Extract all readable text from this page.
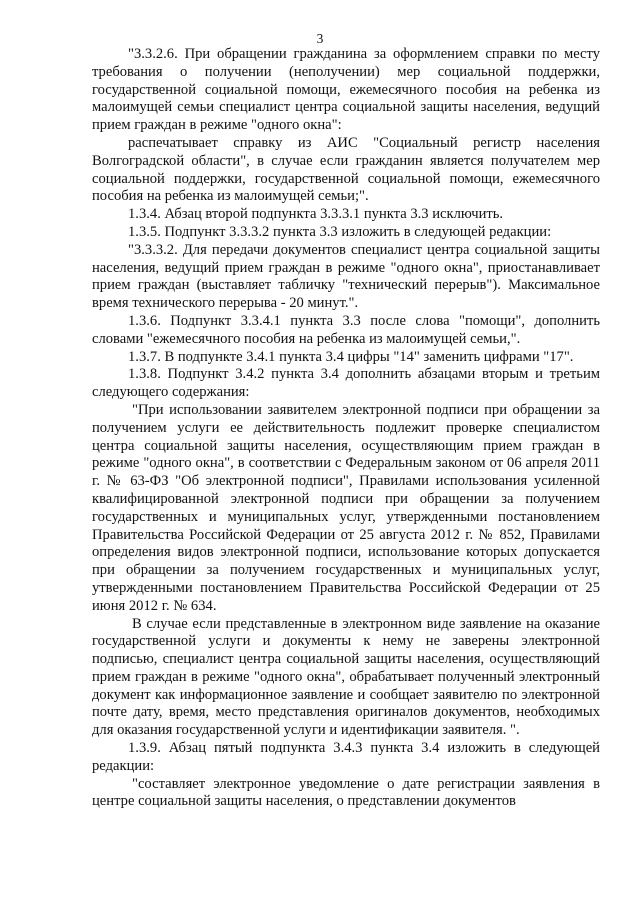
3

"3.3.2.6. При обращении гражданина за оформлением справки по месту требования о получении (неполучении) мер социальной поддержки, государственной социальной помощи, ежемесячного пособия на ребенка из малоимущей семьи специалист центра социальной защиты населения, ведущий прием граждан в режиме "одного окна":

распечатывает справку из АИС "Социальный регистр населения Волгоградской области", в случае если гражданин является получателем мер социальной поддержки, государственной социальной помощи, ежемесячного пособия на ребенка из малоимущей семьи;".

1.3.4. Абзац второй подпункта 3.3.3.1 пункта 3.3 исключить.

1.3.5. Подпункт 3.3.3.2 пункта 3.3 изложить в следующей редакции:

"3.3.3.2. Для передачи документов специалист центра социальной защиты населения, ведущий прием граждан в режиме "одного окна", приостанавливает прием граждан (выставляет табличку "технический перерыв"). Максимальное время технического перерыва - 20 минут.".

1.3.6. Подпункт 3.3.4.1 пункта 3.3 после слова "помощи", дополнить словами "ежемесячного пособия на ребенка из малоимущей семьи,".

1.3.7. В подпункте 3.4.1 пункта 3.4 цифры "14" заменить цифрами "17".

1.3.8. Подпункт 3.4.2 пункта 3.4 дополнить абзацами вторым и третьим следующего содержания:

"При использовании заявителем электронной подписи при обращении за получением услуги ее действительность подлежит проверке специалистом центра социальной защиты населения, осуществляющим прием граждан в режиме "одного окна", в соответствии с Федеральным законом от 06 апреля 2011 г. № 63-ФЗ "Об электронной подписи", Правилами использования усиленной квалифицированной электронной подписи при обращении за получением государственных и муниципальных услуг, утвержденными постановлением Правительства Российской Федерации от 25 августа 2012 г. № 852, Правилами определения видов электронной подписи, использование которых допускается при обращении за получением государственных и муниципальных услуг, утвержденными постановлением Правительства Российской Федерации от 25 июня 2012 г. № 634.

В случае если представленные в электронном виде заявление на оказание государственной услуги и документы к нему не заверены электронной подписью, специалист центра социальной защиты населения, осуществляющий прием граждан в режиме "одного окна", обрабатывает полученный электронный документ как информационное заявление и сообщает заявителю по электронной почте дату, время, место представления оригиналов документов, необходимых для оказания государственной услуги и идентификации заявителя. ".

1.3.9. Абзац пятый подпункта 3.4.3 пункта 3.4 изложить в следующей редакции:

"составляет электронное уведомление о дате регистрации заявления в центре социальной защиты населения, о представлении документов
